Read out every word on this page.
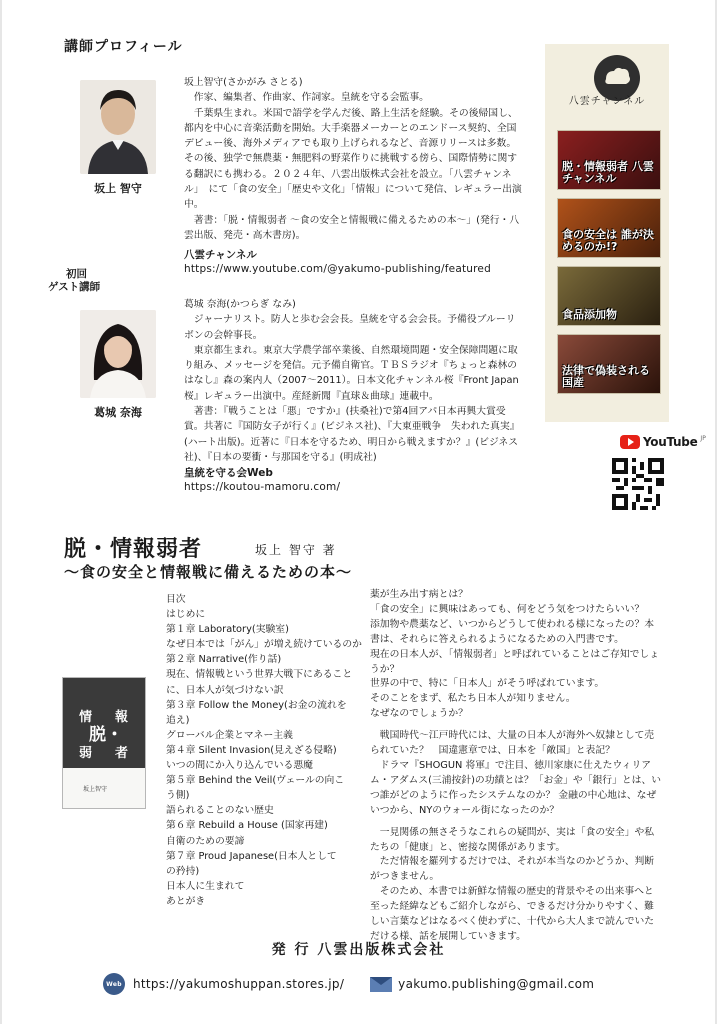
講師プロフィール
坂上 智守
坂上智守(さかがみ さとる)

作家、編集者、作曲家、作詞家。皇統を守る会監事。

千葉県生まれ。米国で語学を学んだ後、路上生活を経験。その後帰国し、都内を中心に音楽活動を開始。大手楽器メーカーとのエンドース契約、全国デビュー後、海外メディアでも取り上げられるなど、音源リリースは多数。その後、独学で無農薬・無肥料の野菜作りに挑戦する傍ら、国際情勢に関する翻訳にも携わる。２０２４年、八雲出版株式会社を設立。「八雲チャンネル」　にて「食の安全」「歴史や文化」「情報」について発信、レギュラー出演中。

著書：「脱・情報弱者 〜食の安全と情報戦に備えるための本〜」(発行・八雲出版、発売・高木書房)。

八雲チャンネル
https://www.youtube.com/@yakumo-publishing/featured
初回
ゲスト講師
葛城 奈海
葛城 奈海(かつらぎ なみ)

ジャーナリスト。防人と歩む会会長。皇統を守る会会長。予備役ブルーリボンの会幹事長。

東京都生まれ。東京大学農学部卒業後、自然環境問題・安全保障問題に取り組み、メッセージを発信。元予備自衛官。ＴＢＳラジオ『ちょっと森林のはなし』森の案内人（2007〜2011）。日本文化チャンネル桜『Front Japan桜』レギュラー出演中。産経新聞『直球＆曲球』連載中。

著書：『戦うことは「悪」ですか』(扶桑社)で第4回アパ日本再興大賞受賞。共著に『国防女子が行く』(ビジネス社)、『大東亜戦争　失われた真実』(ハート出版)。近著に『日本を守るため、明日から戦えますか？』(ビジネス社)、『日本の要衝・与那国を守る』(明成社)

皇統を守る会Web
https://koutou-mamoru.com/
八雲チャンネル
脱・情報弱者 八雲チャンネル
食の安全は 誰が決めるのか!?
食品添加物
法律で偽装される国産
YouTube JP
脱・情報弱者	坂上 智守 著
〜食の安全と情報戦に備えるための本〜
情 報
脱・
弱 者
坂上智守
目次
はじめに
第１章 Laboratory(実験室)
なぜ日本では「がん」が増え続けているのか
第２章 Narrative(作り話)
現在、情報戦という世界大戦下にあること
に、日本人が気づけない訳
第３章 Follow the Money(お金の流れを
追え)
グローバル企業とマネー主義
第４章 Silent Invasion(見えざる侵略)
いつの間にか入り込んでいる悪魔
第５章 Behind the Veil(ヴェールの向こ
う側)
語られることのない歴史
第６章 Rebuild a House (国家再建)
自衛のための要諦
第７章 Proud Japanese(日本人として
の矜持)
日本人に生まれて
あとがき

薬が生み出す病とは？

「食の安全」に興味はあっても、何をどう気をつけたらいい？

添加物や農薬など、いつからどうして使われる様になったの？本書は、それらに答えられるようになるための入門書です。

現在の日本人が、「情報弱者」と呼ばれていることはご存知でしょうか？

世界の中で、特に「日本人」がそう呼ばれています。

そのことをまず、私たち日本人が知りません。

なぜなのでしょうか？

戦国時代〜江戸時代には、大量の日本人が海外へ奴隷として売られていた？　国違憲章では、日本を「敵国」と表記？

ドラマ『SHOGUN 将軍』で注目、徳川家康に仕えたウィリアム・アダムス(三浦按針)の功績とは？「お金」や「銀行」とは、いつ誰がどのように作ったシステムなのか？ 金融の中心地は、なぜいつから、NYのウォール街になったのか？

一見関係の無さそうなこれらの疑問が、実は「食の安全」や私たちの「健康」と、密接な関係があります。

ただ情報を羅列するだけでは、それが本当なのかどうか、判断がつきません。

そのため、本書では新鮮な情報の歴史的背景やその出来事へと至った経緯などもご紹介しながら、できるだけ分かりやすく、難しい言葉などはなるべく使わずに、十代から大人まで読んでいただける様、話を展開していきます。

発 行 八雲出版株式会社
Web https://yakumoshuppan.stores.jp/	yakumo.publishing@gmail.com
